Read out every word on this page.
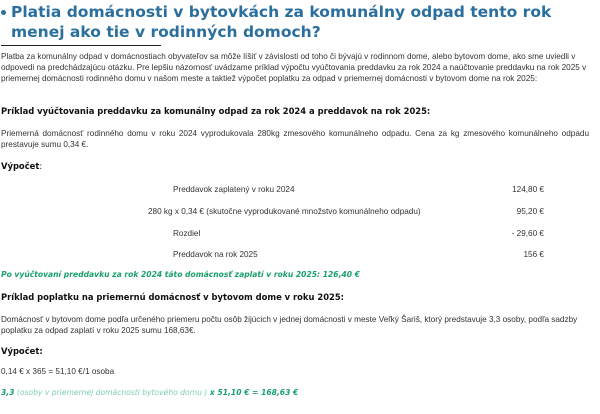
Platia domácnosti v bytovkách za komunálny odpad tento rok menej ako tie v rodinných domoch?

Platba za komunálny odpad v domácnostiach obyvateľov sa môže líšiť v závislosti od toho či bývajú v rodinnom dome, alebo bytovom dome, ako sme uviedli v odpovedi na predchádzajúcu otázku. Pre lepšiu názornosť uvádzame príklad výpočtu vyúčtovania preddavku za rok 2024 a naúčtovanie preddavku na rok 2025 v priemernej domácnosti rodinného domu v našom meste a taktiež výpočet poplatku za odpad v priemernej domácnosti v bytovom dome na rok 2025:

Príklad vyúčtovania preddavku za komunálny odpad za rok 2024 a preddavok na rok 2025:

Priemerná domácnosť rodinného domu v roku 2024 vyprodukovala 280kg zmesového komunálneho odpadu. Cena za kg zmesového komunálneho odpadu prestavuje sumu 0,34 €.

Výpočet:

Preddavok zaplatený v roku 2024	124,80 €
280 kg x 0,34 € (skutočne vyprodukované množstvo komunálneho odpadu)	95,20 €
Rozdiel	- 29,60 €
Preddavok na rok 2025	156 €

Po vyúčtovaní preddavku za rok 2024 táto domácnosť zaplatí v roku 2025: 126,40 €

Príklad poplatku na priemernú domácnosť v bytovom dome v roku 2025:

Domácnosť v bytovom dome podľa určeného priemeru počtu osôb žijúcich v jednej domácnosti v meste Veľký Šariš, ktorý predstavuje 3,3 osoby, podľa sadzby poplatku za odpad zaplatí v roku 2025 sumu 168,63€.

Výpočet:

0,14 € x 365 = 51,10 €/1 osoba

3,3 (osoby v priemernej domácnosti bytového domu ) x 51,10 € = 168,63 €
